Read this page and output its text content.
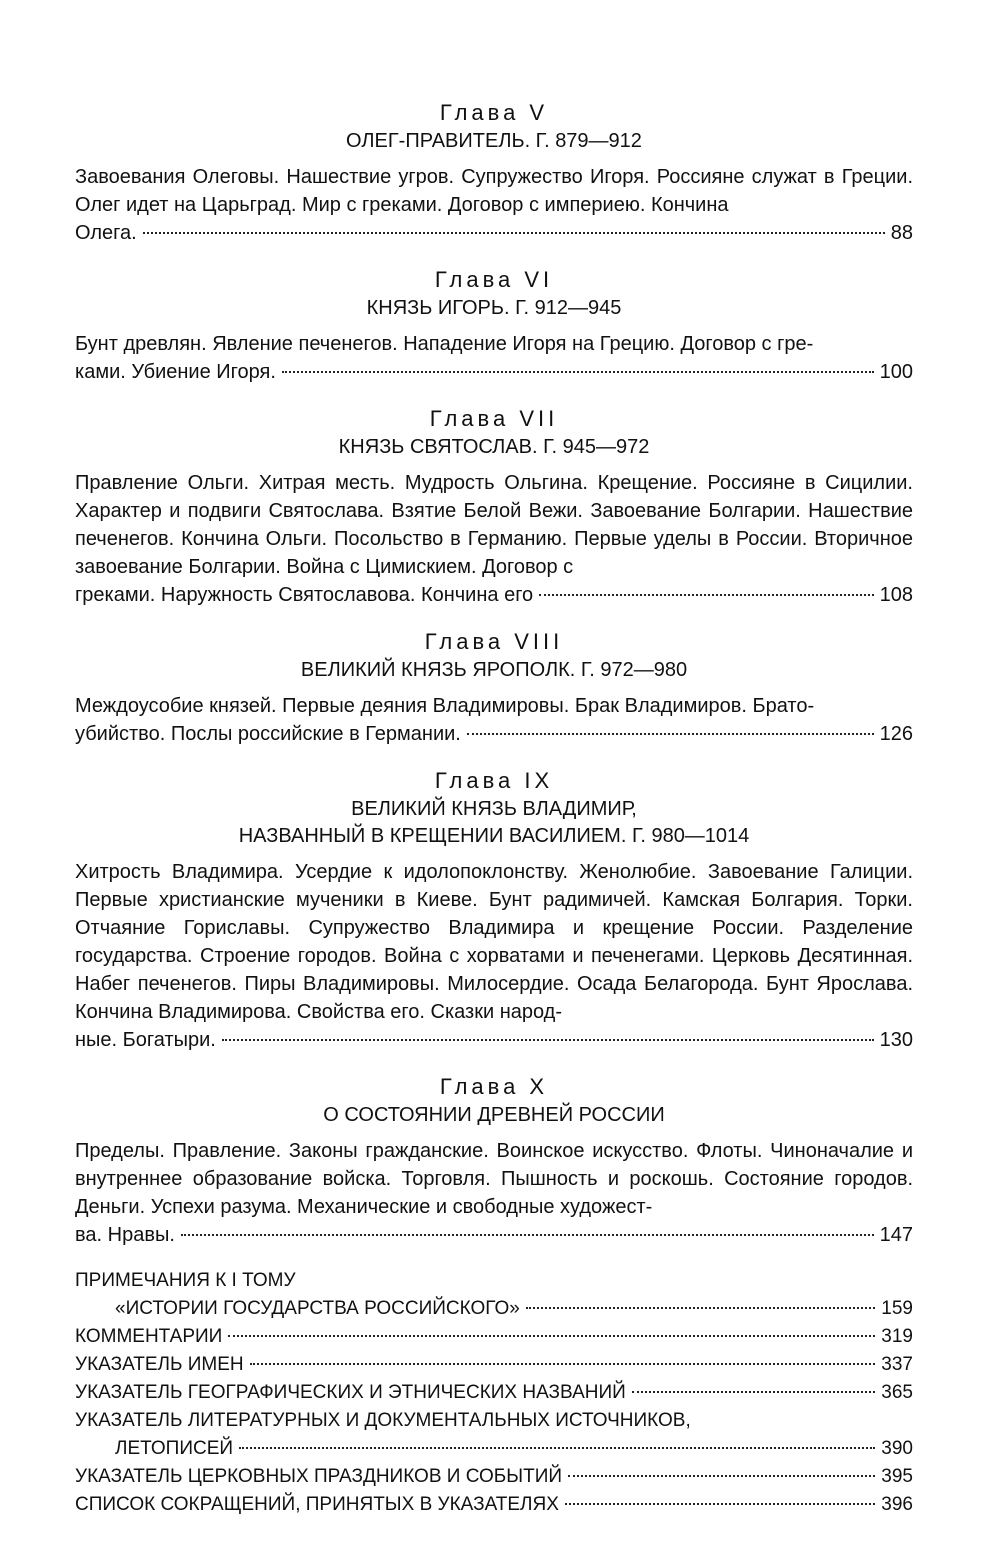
Глава V

ОЛЕГ-ПРАВИТЕЛЬ. Г. 879—912

Завоевания Олеговы. Нашествие угров. Супружество Игоря. Россияне служат в Греции. Олег идет на Царьград. Мир с греками. Договор с империею. Кончина

Олега.	88

Глава VI

КНЯЗЬ ИГОРЬ. Г. 912—945

Бунт древлян. Явление печенегов. Нападение Игоря на Грецию. Договор с гре-

ками. Убиение Игоря.	100

Глава VII

КНЯЗЬ СВЯТОСЛАВ. Г. 945—972

Правление Ольги. Хитрая месть. Мудрость Ольгина. Крещение. Россияне в Сицилии. Характер и подвиги Святослава. Взятие Белой Вежи. Завоевание Болгарии. Нашествие печенегов. Кончина Ольги. Посольство в Германию. Первые уделы в России. Вторичное завоевание Болгарии. Война с Цимискием. Договор с

греками. Наружность Святославова. Кончина его	108

Глава VIII

ВЕЛИКИЙ КНЯЗЬ ЯРОПОЛК. Г. 972—980

Междоусобие князей. Первые деяния Владимировы. Брак Владимиров. Брато-

убийство. Послы российские в Германии.	126

Глава IX

ВЕЛИКИЙ КНЯЗЬ ВЛАДИМИР,

НАЗВАННЫЙ В КРЕЩЕНИИ ВАСИЛИЕМ. Г. 980—1014

Хитрость Владимира. Усердие к идолопоклонству. Женолюбие. Завоевание Галиции. Первые христианские мученики в Киеве. Бунт радимичей. Камская Болгария. Торки. Отчаяние Гориславы. Супружество Владимира и крещение России. Разделение государства. Строение городов. Война с хорватами и печенегами. Церковь Десятинная. Набег печенегов. Пиры Владимировы. Милосердие. Осада Белагорода. Бунт Ярослава. Кончина Владимирова. Свойства его. Сказки народ-

ные. Богатыри.	130

Глава X

О СОСТОЯНИИ ДРЕВНЕЙ РОССИИ

Пределы. Правление. Законы гражданские. Воинское искусство. Флоты. Чиноначалие и внутреннее образование войска. Торговля. Пышность и роскошь. Состояние городов. Деньги. Успехи разума. Механические и свободные художест-

ва. Нравы.	147

ПРИМЕЧАНИЯ К I ТОМУ

«ИСТОРИИ ГОСУДАРСТВА РОССИЙСКОГО»	159
КОММЕНТАРИИ	319
УКАЗАТЕЛЬ ИМЕН	337
УКАЗАТЕЛЬ ГЕОГРАФИЧЕСКИХ И ЭТНИЧЕСКИХ НАЗВАНИЙ	365

УКАЗАТЕЛЬ ЛИТЕРАТУРНЫХ И ДОКУМЕНТАЛЬНЫХ ИСТОЧНИКОВ,

ЛЕТОПИСЕЙ	390
УКАЗАТЕЛЬ ЦЕРКОВНЫХ ПРАЗДНИКОВ И СОБЫТИЙ	395
СПИСОК СОКРАЩЕНИЙ, ПРИНЯТЫХ В УКАЗАТЕЛЯХ	396
